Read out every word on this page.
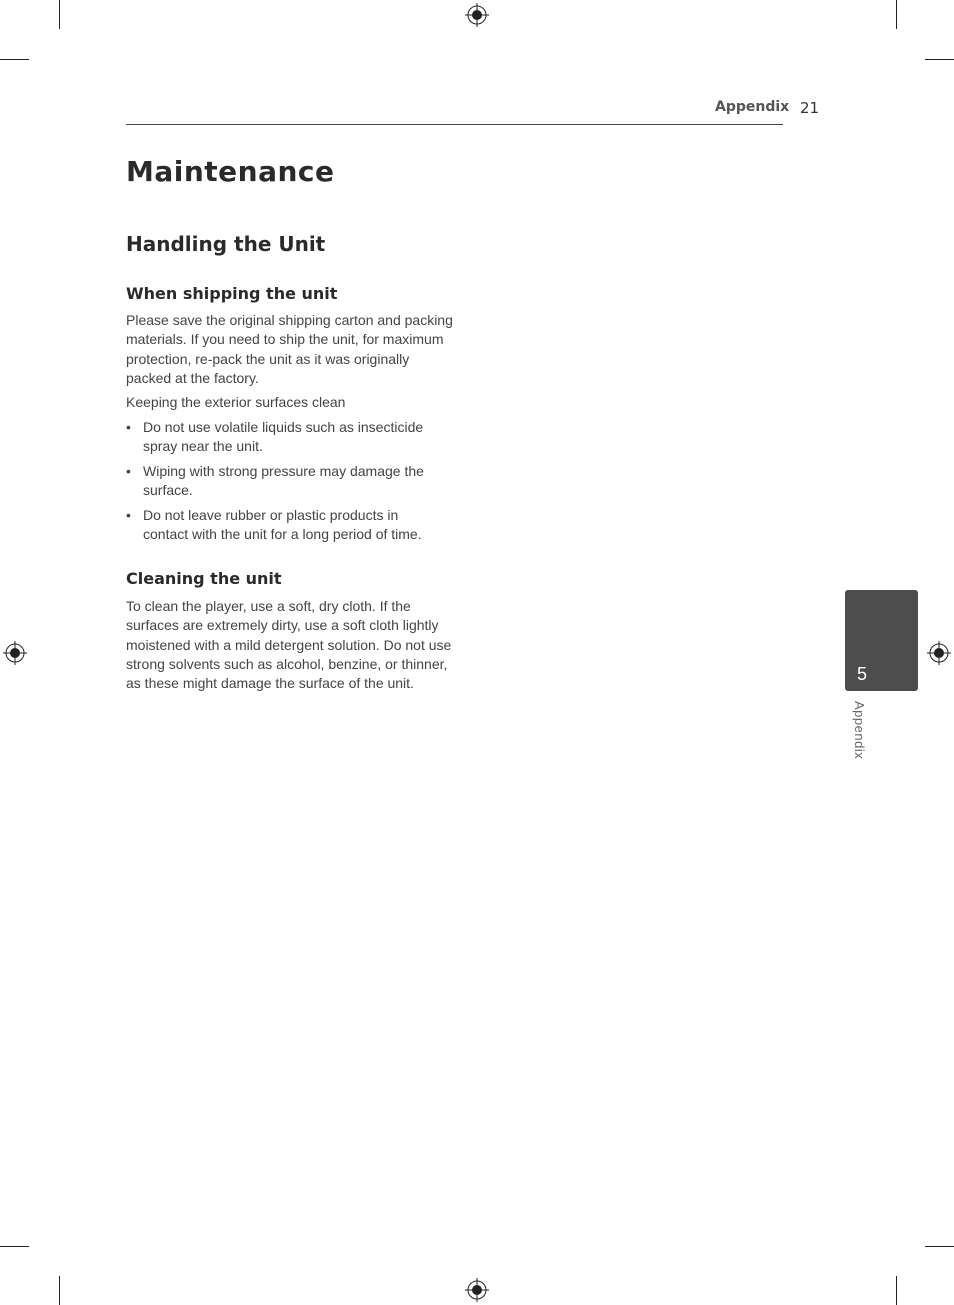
Appendix 21
Maintenance
Handling the Unit
When shipping the unit

Please save the original shipping carton and packing materials. If you need to ship the unit, for maximum protection, re-pack the unit as it was originally packed at the factory.

Keeping the exterior surfaces clean

• Do not use volatile liquids such as insecticide spray near the unit.
• Wiping with strong pressure may damage the surface.
• Do not leave rubber or plastic products in contact with the unit for a long period of time.
Cleaning the unit

To clean the player, use a soft, dry cloth. If the surfaces are extremely dirty, use a soft cloth lightly moistened with a mild detergent solution. Do not use strong solvents such as alcohol, benzine, or thinner, as these might damage the surface of the unit.	5
Appendix
